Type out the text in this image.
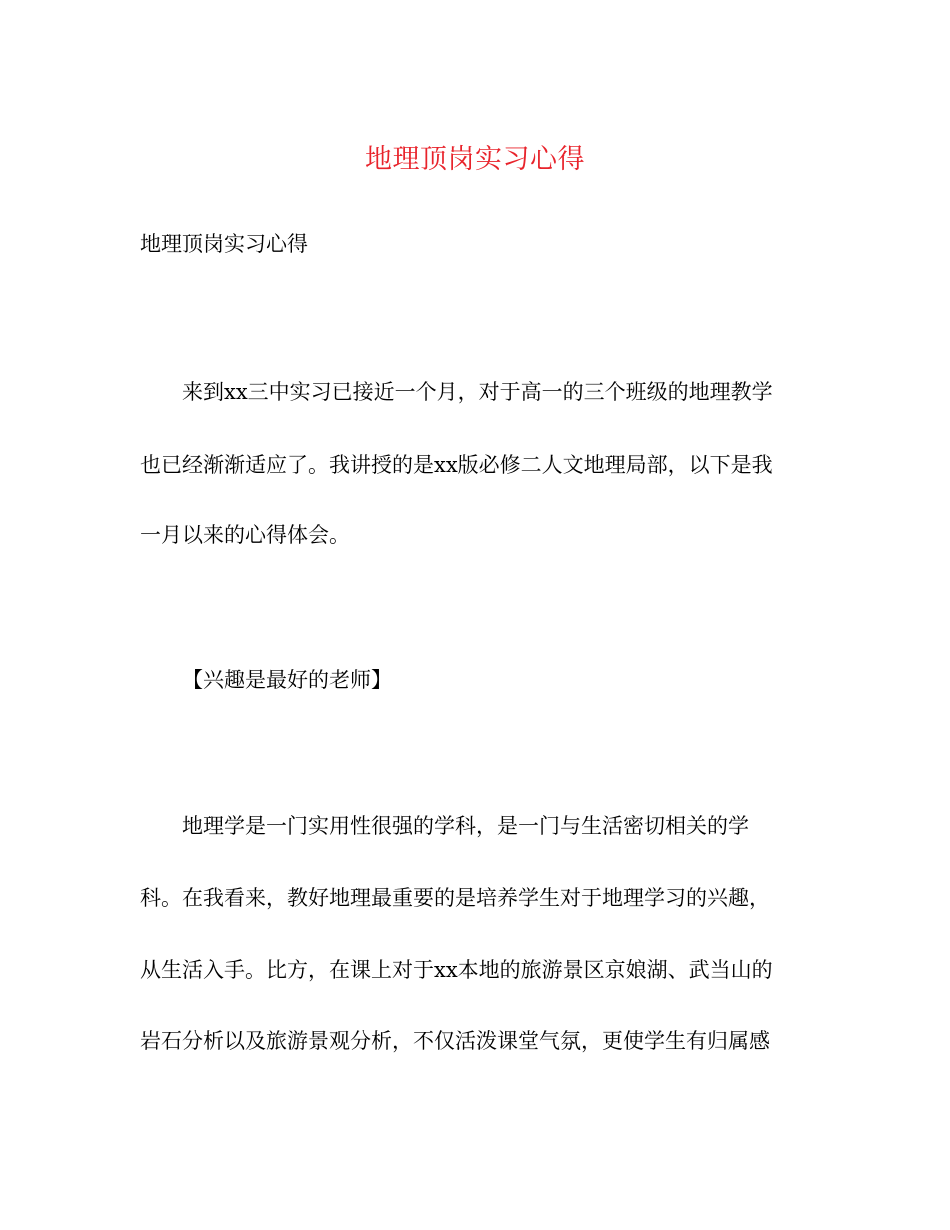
地理顶岗实习心得
地理顶岗实习心得
来到xx三中实习已接近一个月，对于高一的三个班级的地理教学
也已经渐渐适应了。我讲授的是xx版必修二人文地理局部，以下是我
一月以来的心得体会。
【兴趣是最好的老师】
地理学是一门实用性很强的学科，是一门与生活密切相关的学
科。在我看来，教好地理最重要的是培养学生对于地理学习的兴趣，
从生活入手。比方，在课上对于xx本地的旅游景区京娘湖、武当山的
岩石分析以及旅游景观分析，不仅活泼课堂气氛，更使学生有归属感
